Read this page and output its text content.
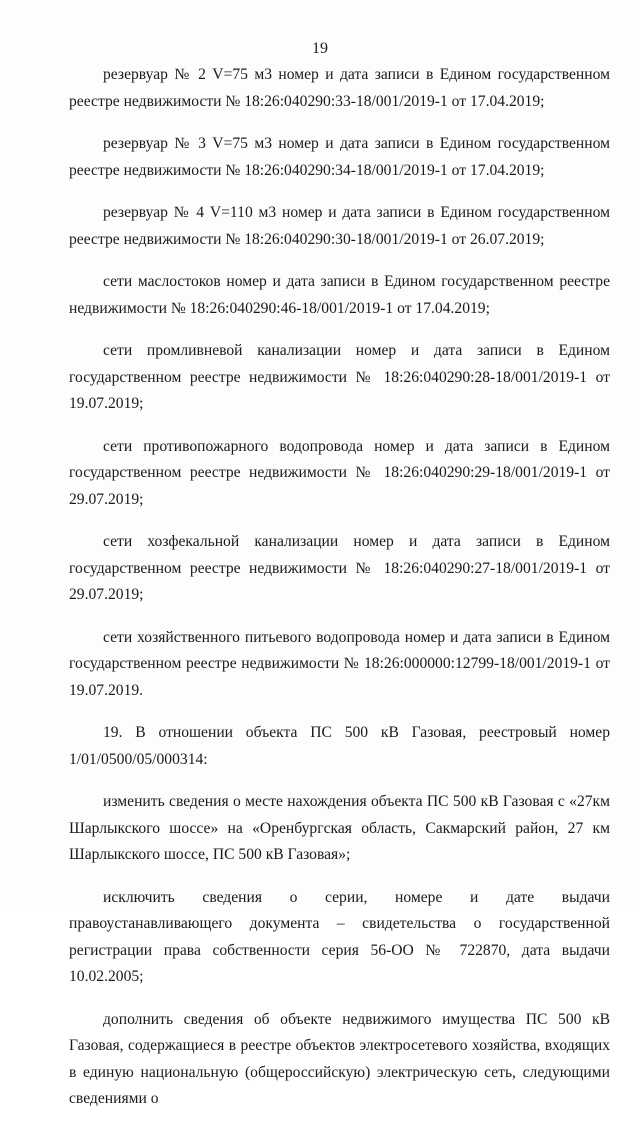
19

резервуар № 2 V=75 м3 номер и дата записи в Едином государственном реестре недвижимости № 18:26:040290:33-18/001/2019-1 от 17.04.2019;

резервуар № 3 V=75 м3 номер и дата записи в Едином государственном реестре недвижимости № 18:26:040290:34-18/001/2019-1 от 17.04.2019;

резервуар № 4 V=110 м3 номер и дата записи в Едином государственном реестре недвижимости № 18:26:040290:30-18/001/2019-1 от 26.07.2019;

сети маслостоков номер и дата записи в Едином государственном реестре недвижимости № 18:26:040290:46-18/001/2019-1 от 17.04.2019;

сети промливневой канализации номер и дата записи в Едином государственном реестре недвижимости № 18:26:040290:28-18/001/2019-1 от 19.07.2019;

сети противопожарного водопровода номер и дата записи в Едином государственном реестре недвижимости № 18:26:040290:29-18/001/2019-1 от 29.07.2019;

сети хозфекальной канализации номер и дата записи в Едином государственном реестре недвижимости № 18:26:040290:27-18/001/2019-1 от 29.07.2019;

сети хозяйственного питьевого водопровода номер и дата записи в Едином государственном реестре недвижимости № 18:26:000000:12799-18/001/2019-1 от 19.07.2019.

19. В отношении объекта ПС 500 кВ Газовая, реестровый номер 1/01/0500/05/000314:

изменить сведения о месте нахождения объекта ПС 500 кВ Газовая с «27км Шарлыкского шоссе» на «Оренбургская область, Сакмарский район, 27 км Шарлыкского шоссе, ПС 500 кВ Газовая»;

исключить сведения о серии, номере и дате выдачи правоустанавливающего документа – свидетельства о государственной регистрации права собственности серия 56-ОО № 722870, дата выдачи 10.02.2005;

дополнить сведения об объекте недвижимого имущества ПС 500 кВ Газовая, содержащиеся в реестре объектов электросетевого хозяйства, входящих в единую национальную (общероссийскую) электрическую сеть, следующими сведениями о
